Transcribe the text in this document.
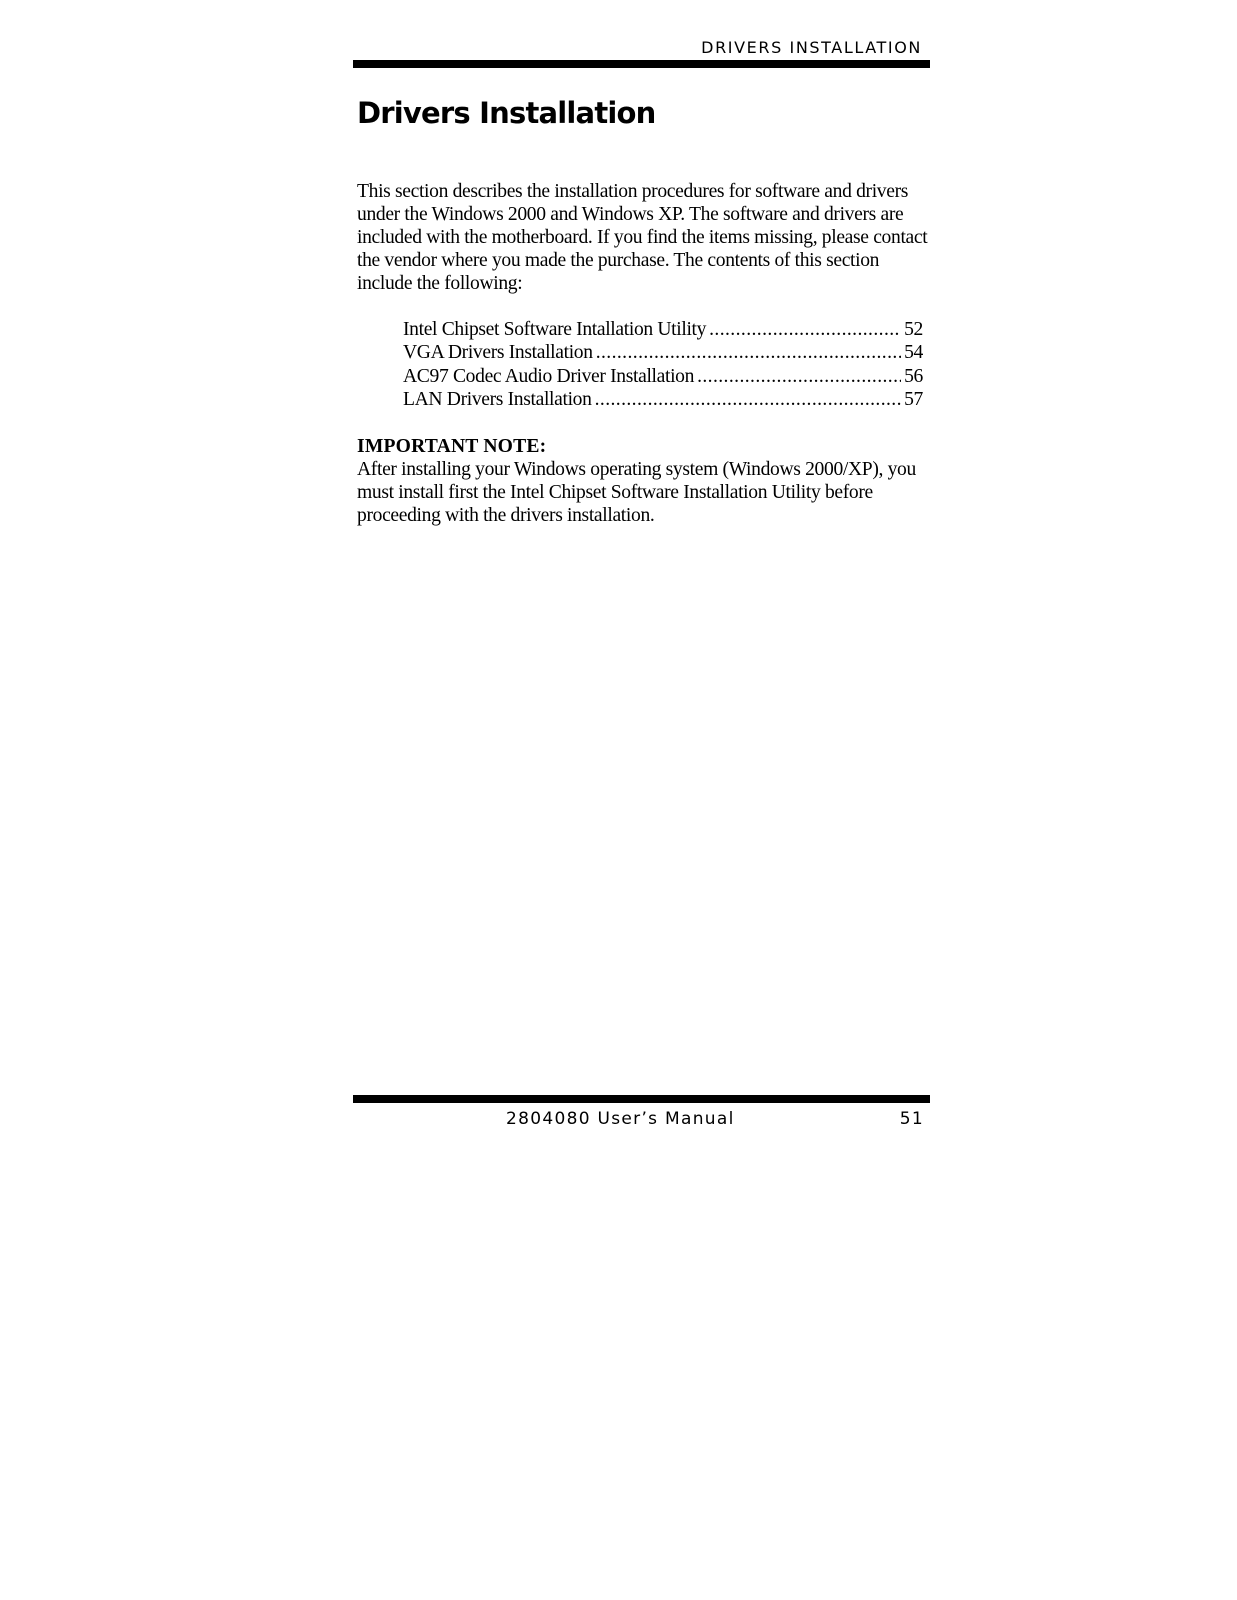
DRIVERS INSTALLATION

Drivers Installation

This section describes the installation procedures for software and drivers under the Windows 2000 and Windows XP. The software and drivers are included with the motherboard. If you find the items missing, please contact the vendor where you made the purchase. The contents of this section include the following:

Intel Chipset Software Intallation Utility .....	52
VGA Drivers Installation .....	54
AC97 Codec Audio Driver Installation .....	56
LAN Drivers Installation .....	57

IMPORTANT NOTE:

After installing your Windows operating system (Windows 2000/XP), you must install first the Intel Chipset Software Installation Utility before proceeding with the drivers installation.

2804080 User’s Manual	51
